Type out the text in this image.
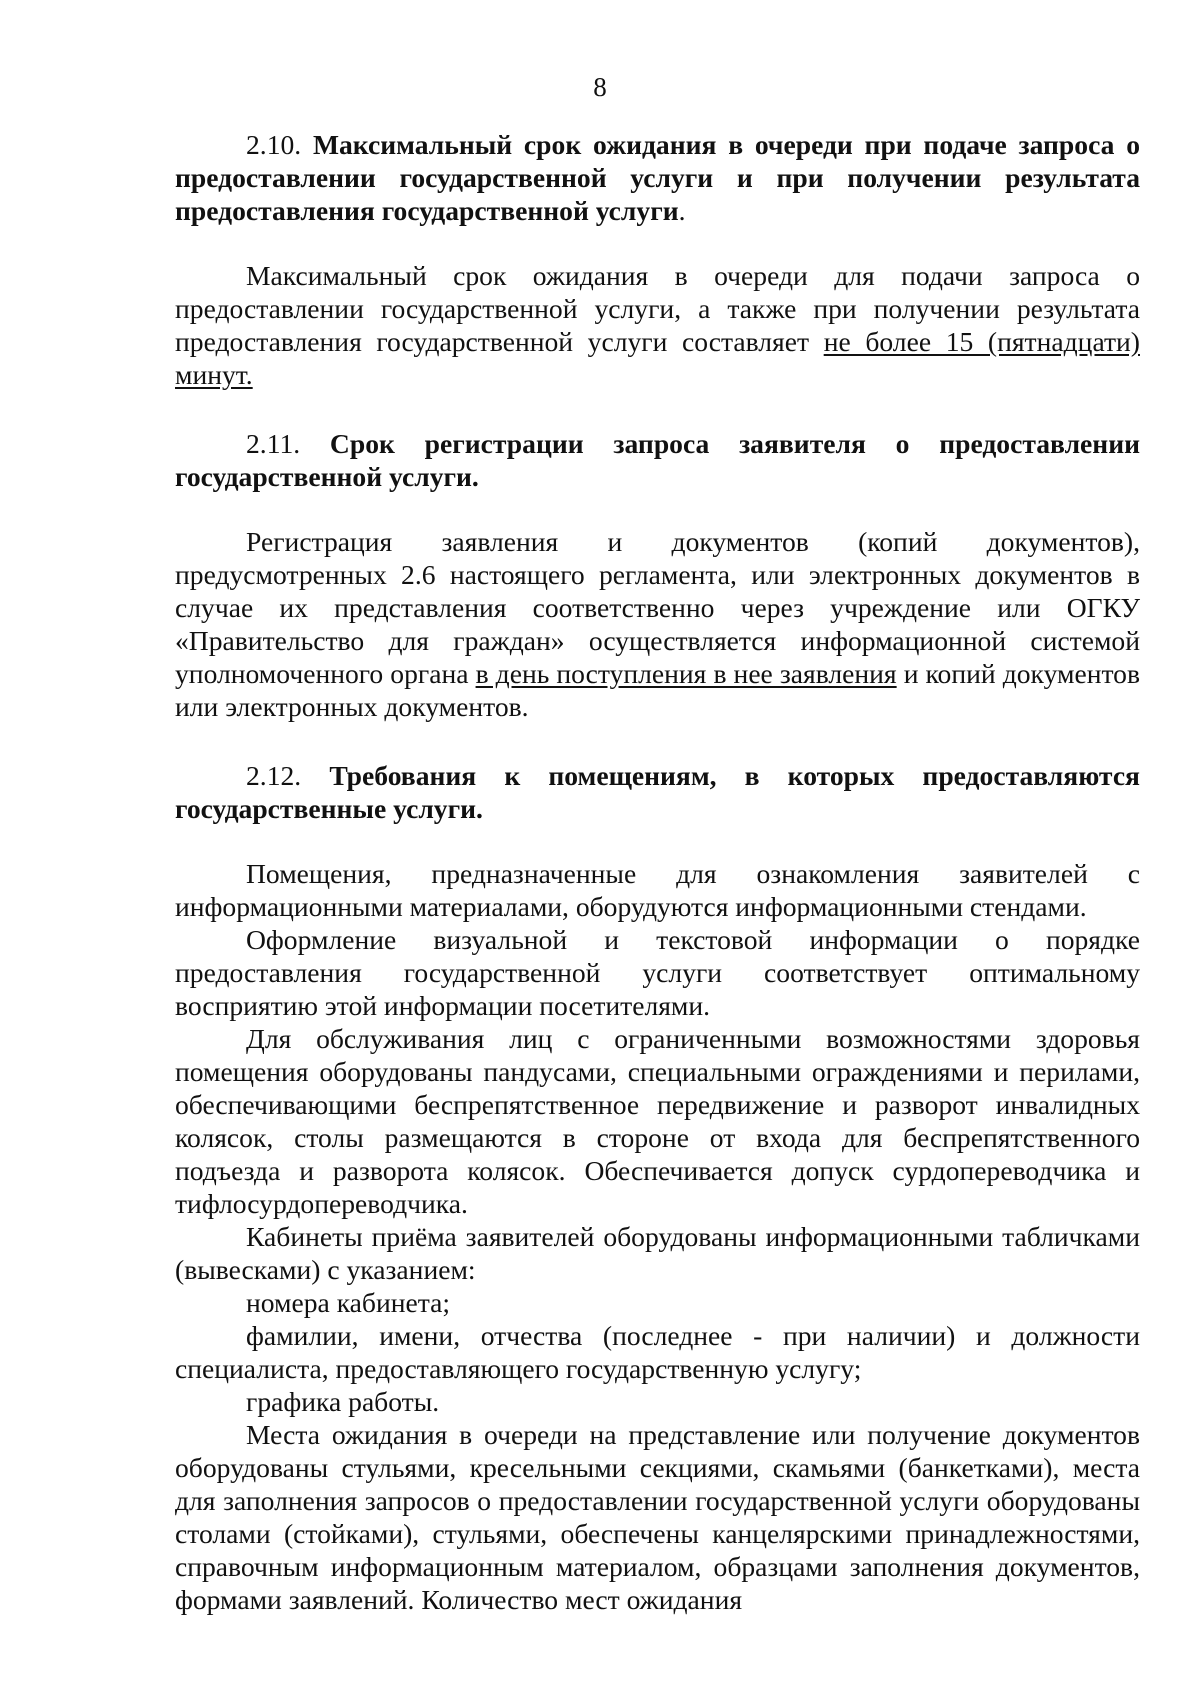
8

2.10. Максимальный срок ожидания в очереди при подаче запроса о предоставлении государственной услуги и при получении результата предоставления государственной услуги.

Максимальный срок ожидания в очереди для подачи запроса о предоставлении государственной услуги, а также при получении результата предоставления государственной услуги составляет не более 15 (пятнадцати) минут.

2.11. Срок регистрации запроса заявителя о предоставлении государственной услуги.

Регистрация заявления и документов (копий документов), предусмотренных 2.6 настоящего регламента, или электронных документов в случае их представления соответственно через учреждение или ОГКУ «Правительство для граждан» осуществляется информационной системой уполномоченного органа в день поступления в нее заявления и копий документов или электронных документов.

2.12. Требования к помещениям, в которых предоставляются государственные услуги.

Помещения, предназначенные для ознакомления заявителей с информационными материалами, оборудуются информационными стендами.

Оформление визуальной и текстовой информации о порядке предоставления государственной услуги соответствует оптимальному восприятию этой информации посетителями.

Для обслуживания лиц с ограниченными возможностями здоровья помещения оборудованы пандусами, специальными ограждениями и перилами, обеспечивающими беспрепятственное передвижение и разворот инвалидных колясок, столы размещаются в стороне от входа для беспрепятственного подъезда и разворота колясок. Обеспечивается допуск сурдопереводчика и тифлосурдопереводчика.

Кабинеты приёма заявителей оборудованы информационными табличками (вывесками) с указанием:

номера кабинета;

фамилии, имени, отчества (последнее - при наличии) и должности специалиста, предоставляющего государственную услугу;

графика работы.

Места ожидания в очереди на представление или получение документов оборудованы стульями, кресельными секциями, скамьями (банкетками), места для заполнения запросов о предоставлении государственной услуги оборудованы столами (стойками), стульями, обеспечены канцелярскими принадлежностями, справочным информационным материалом, образцами заполнения документов, формами заявлений. Количество мест ожидания
